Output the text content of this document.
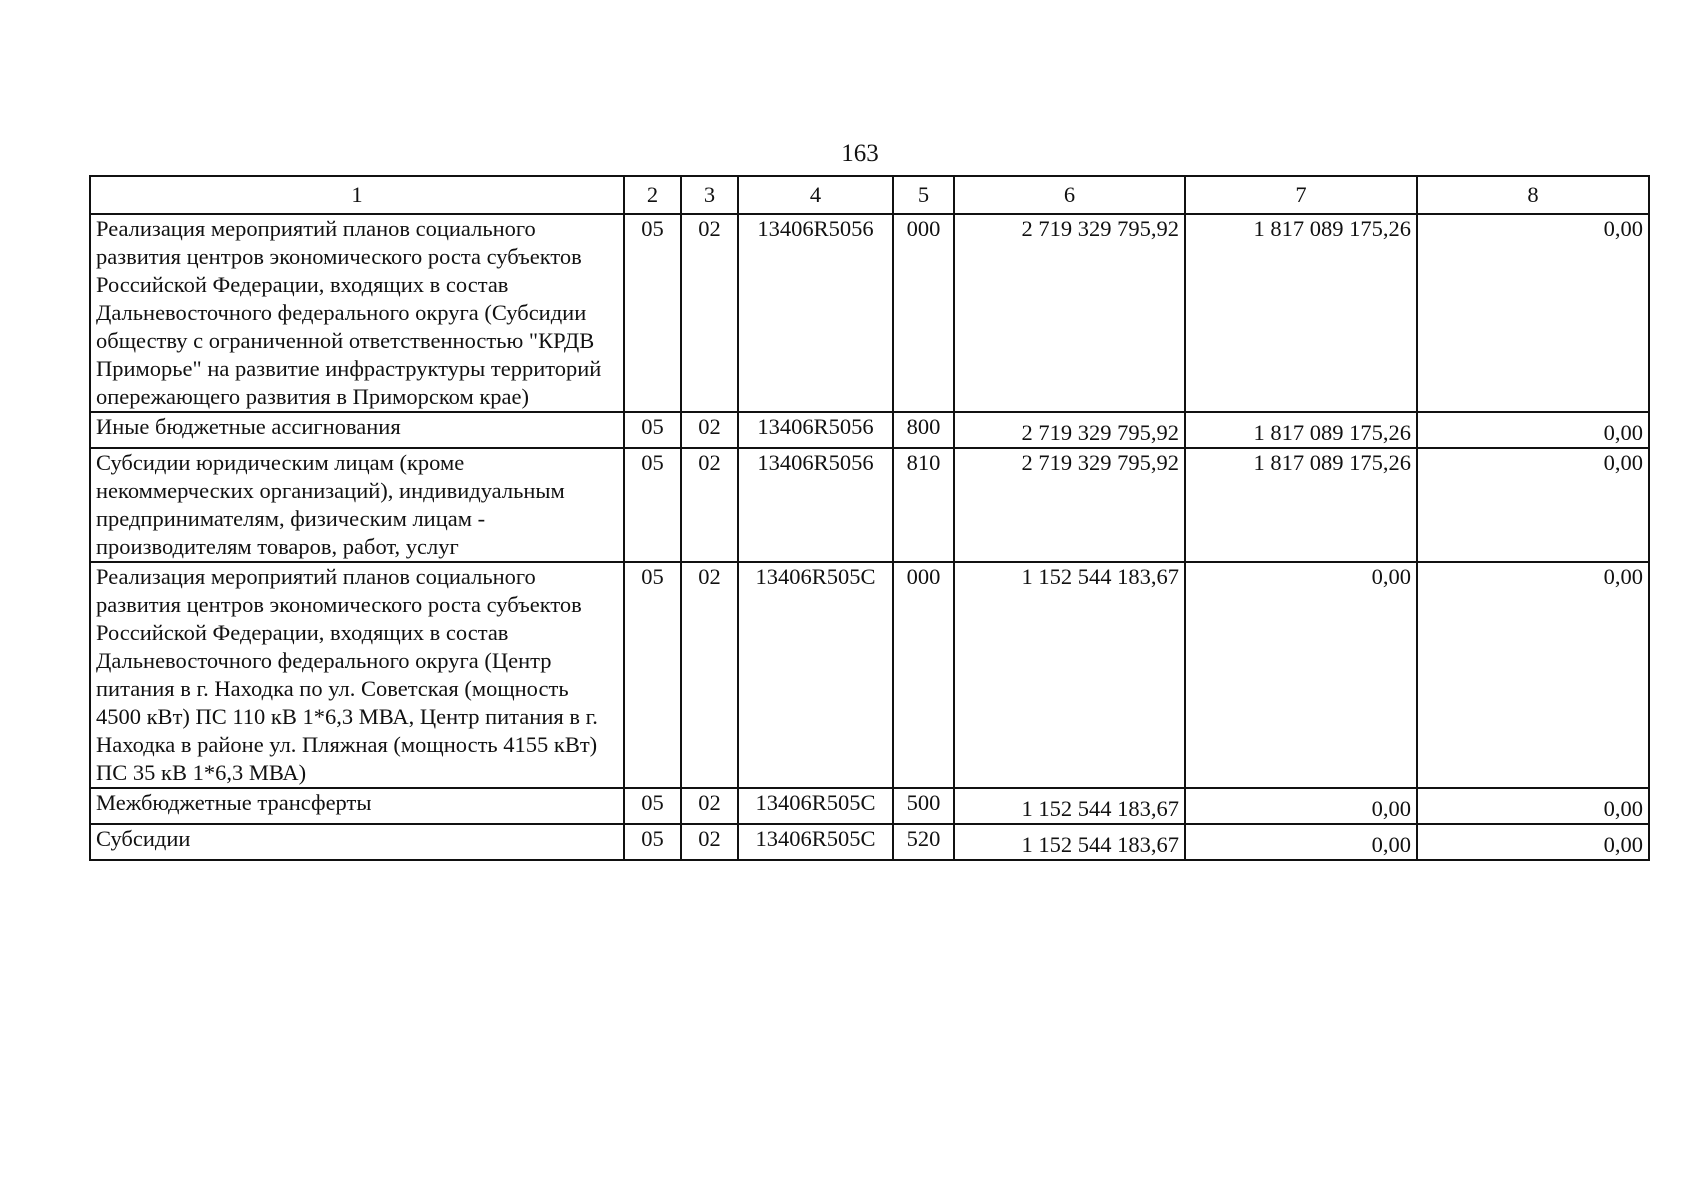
163
1	2	3	4	5	6	7	8
Реализация мероприятий планов социального развития центров экономического роста субъектов Российской Федерации, входящих в состав Дальневосточного федерального округа (Субсидии обществу с ограниченной ответственностью "КРДВ Приморье" на развитие инфраструктуры территорий опережающего развития в Приморском крае)	05	02	13406R5056	000	2 719 329 795,92	1 817 089 175,26	0,00
Иные бюджетные ассигнования	05	02	13406R5056	800	2 719 329 795,92	1 817 089 175,26	0,00
Субсидии юридическим лицам (кроме некоммерческих организаций), индивидуальным предпринимателям, физическим лицам - производителям товаров, работ, услуг	05	02	13406R5056	810	2 719 329 795,92	1 817 089 175,26	0,00
Реализация мероприятий планов социального развития центров экономического роста субъектов Российской Федерации, входящих в состав Дальневосточного федерального округа (Центр питания в г. Находка по ул. Советская (мощность 4500 кВт) ПС 110 кВ 1*6,3 МВА, Центр питания в г. Находка в районе ул. Пляжная (мощность 4155 кВт) ПС 35 кВ 1*6,3 МВА)	05	02	13406R505C	000	1 152 544 183,67	0,00	0,00
Межбюджетные трансферты	05	02	13406R505C	500	1 152 544 183,67	0,00	0,00
Субсидии	05	02	13406R505C	520	1 152 544 183,67	0,00	0,00
